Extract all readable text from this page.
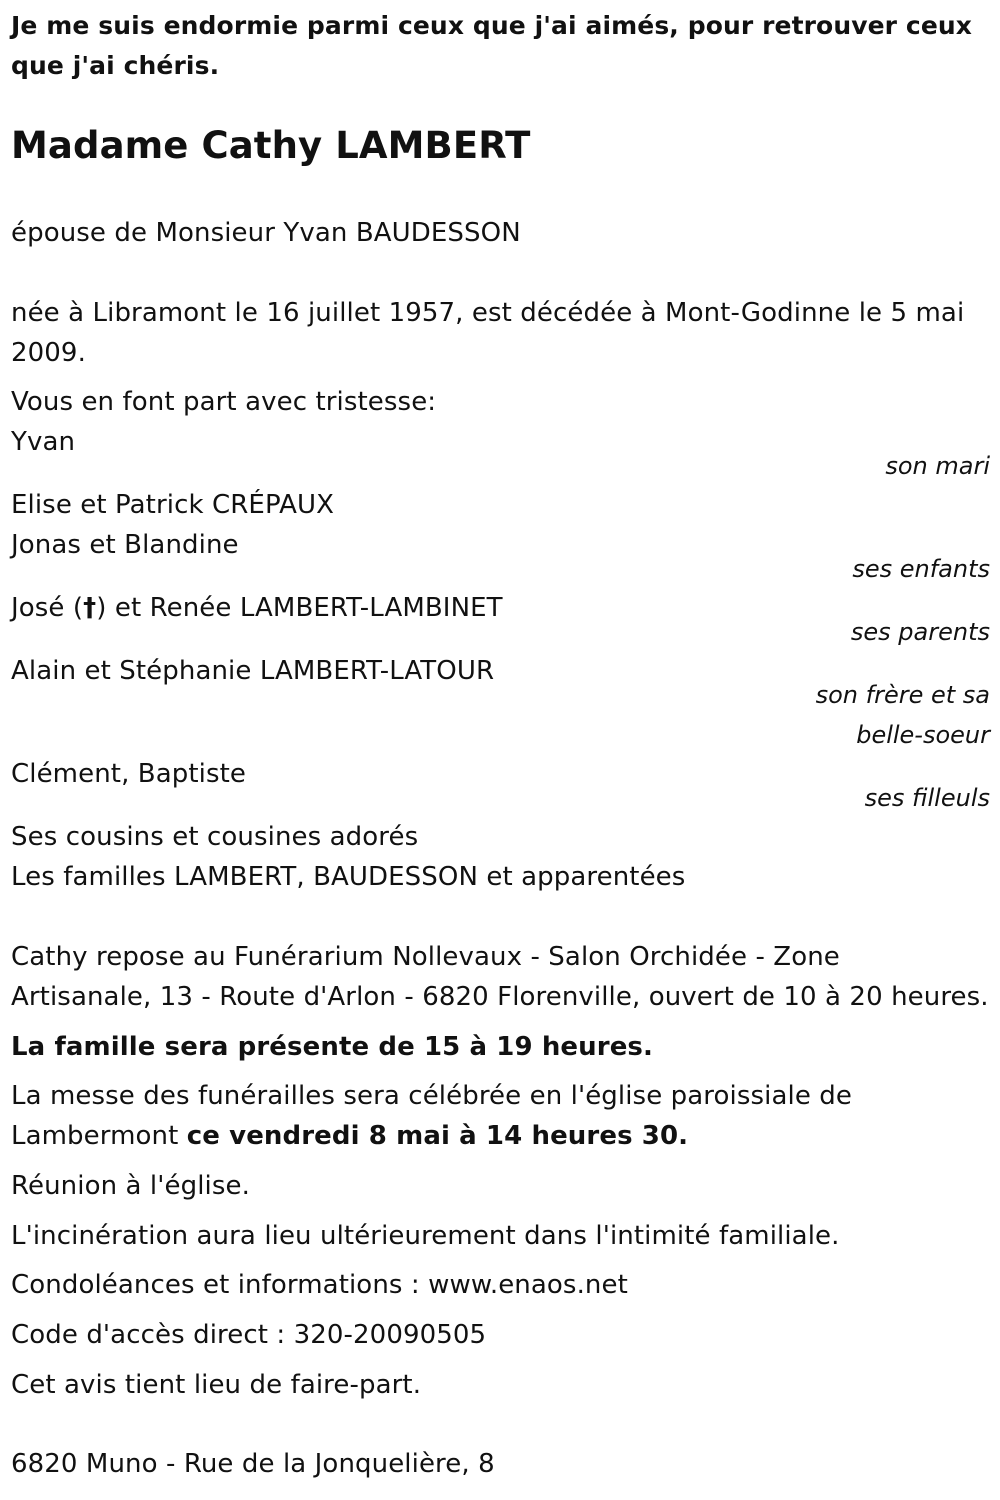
Je me suis endormie parmi ceux que j'ai aimés, pour retrouver ceux
que j'ai chéris.
Madame Cathy LAMBERT
épouse de Monsieur Yvan BAUDESSON
née à Libramont le 16 juillet 1957, est décédée à Mont-Godinne le 5 mai
2009.
Vous en font part avec tristesse:
Yvan
son mari
Elise et Patrick CRÉPAUX
Jonas et Blandine
ses enfants
José (†) et Renée LAMBERT-LAMBINET
ses parents
Alain et Stéphanie LAMBERT-LATOUR
son frère et sa
belle-soeur
Clément, Baptiste
ses filleuls
Ses cousins et cousines adorés
Les familles LAMBERT, BAUDESSON et apparentées
Cathy repose au Funérarium Nollevaux - Salon Orchidée - Zone
Artisanale, 13 - Route d'Arlon - 6820 Florenville, ouvert de 10 à 20 heures.
La famille sera présente de 15 à 19 heures.
La messe des funérailles sera célébrée en l'église paroissiale de
Lambermont ce vendredi 8 mai à 14 heures 30.
Réunion à l'église.
L'incinération aura lieu ultérieurement dans l'intimité familiale.
Condoléances et informations : www.enaos.net
Code d'accès direct : 320-20090505
Cet avis tient lieu de faire-part.
6820 Muno - Rue de la Jonquelière, 8
